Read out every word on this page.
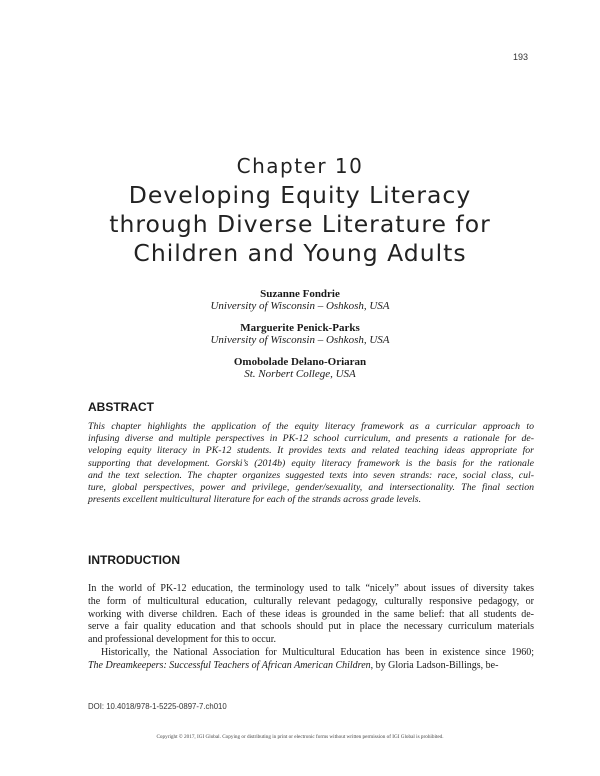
193
Chapter 10
Developing Equity Literacy
through Diverse Literature for
Children and Young Adults
Suzanne Fondrie
University of Wisconsin – Oshkosh, USA
Marguerite Penick-Parks
University of Wisconsin – Oshkosh, USA
Omobolade Delano-Oriaran
St. Norbert College, USA
ABSTRACT
This chapter highlights the application of the equity literacy framework as a curricular approach to
infusing diverse and multiple perspectives in PK-12 school curriculum, and presents a rationale for de-
veloping equity literacy in PK-12 students. It provides texts and related teaching ideas appropriate for
supporting that development. Gorski’s (2014b) equity literacy framework is the basis for the rationale
and the text selection. The chapter organizes suggested texts into seven strands: race, social class, cul-
ture, global perspectives, power and privilege, gender/sexuality, and intersectionality. The final section
presents excellent multicultural literature for each of the strands across grade levels.
INTRODUCTION
In the world of PK-12 education, the terminology used to talk “nicely” about issues of diversity takes
the form of multicultural education, culturally relevant pedagogy, culturally responsive pedagogy, or
working with diverse children. Each of these ideas is grounded in the same belief: that all students de-
serve a fair quality education and that schools should put in place the necessary curriculum materials
and professional development for this to occur.
Historically, the National Association for Multicultural Education has been in existence since 1960;
The Dreamkeepers: Successful Teachers of African American Children, by Gloria Ladson-Billings, be-
DOI: 10.4018/978-1-5225-0897-7.ch010
Copyright © 2017, IGI Global. Copying or distributing in print or electronic forms without written permission of IGI Global is prohibited.
